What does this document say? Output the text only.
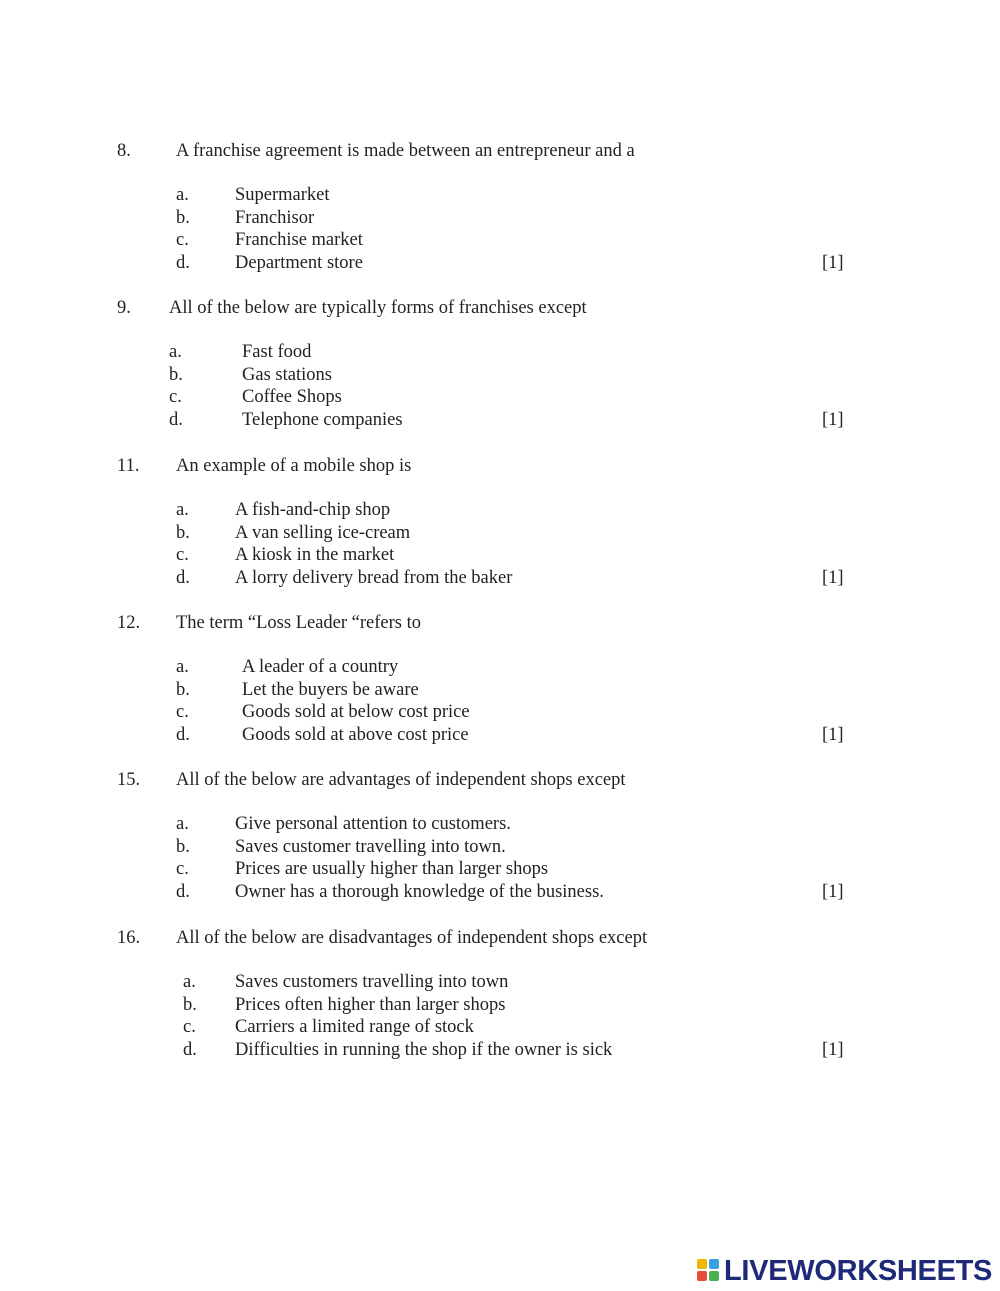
8. A franchise agreement is made between an entrepreneur and a
a. Supermarket
b. Franchisor
c. Franchise market
d. Department store	[1]
9. All of the below are typically forms of franchises except
a.	Fast food
b.	Gas stations
c.	Coffee Shops
d.	Telephone companies	[1]
11. An example of a mobile shop is
a. A fish-and-chip shop
b. A van selling ice-cream
c. A kiosk in the market
d. A lorry delivery bread from the baker	[1]
12. The term “Loss Leader “refers to
a.	A leader of a country
b.	Let the buyers be aware
c.	Goods sold at below cost price
d.	Goods sold at above cost price	[1]
15. All of the below are advantages of independent shops except
a. Give personal attention to customers.
b. Saves customer travelling into town.
c. Prices are usually higher than larger shops
d. Owner has a thorough knowledge of the business.	[1]
16. All of the below are disadvantages of independent shops except
a. Saves customers travelling into town
b. Prices often higher than larger shops
c. Carriers a limited range of stock
d. Difficulties in running the shop if the owner is sick	[1]
LIVEWORKSHEETS
